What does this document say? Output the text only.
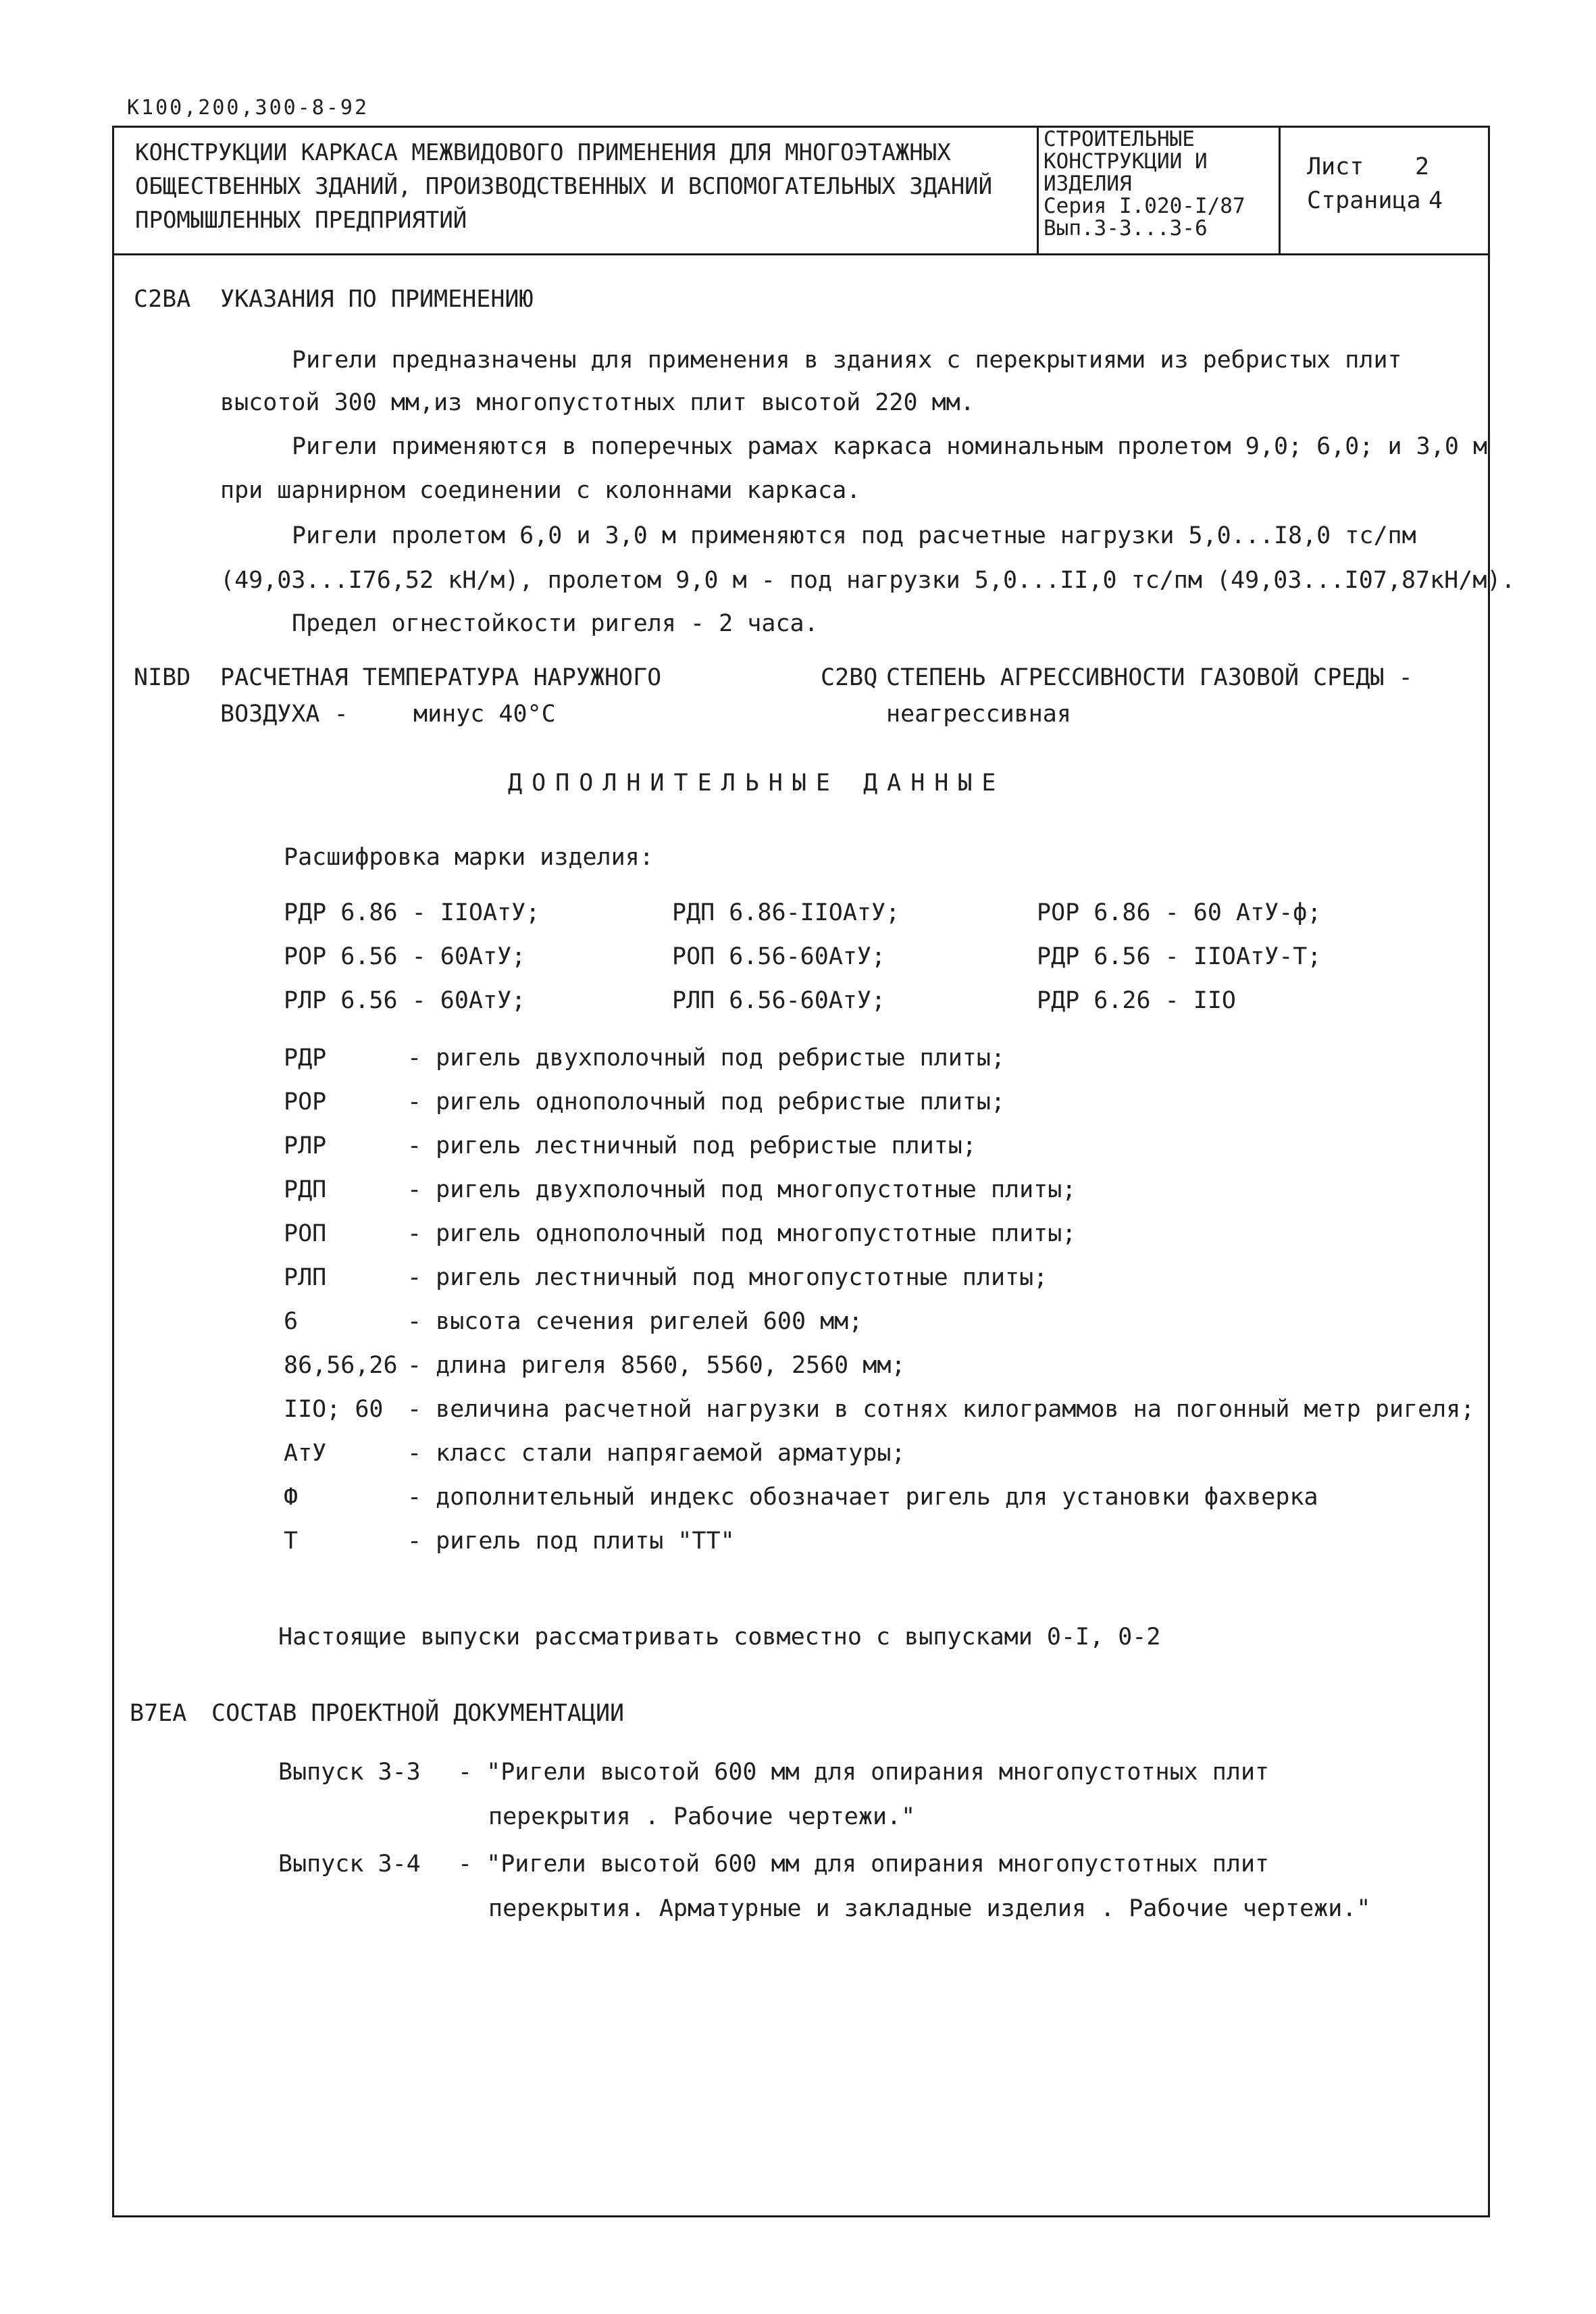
К100,200,300-8-92
КОНСТРУКЦИИ КАРКАСА МЕЖВИДОВОГО ПРИМЕНЕНИЯ ДЛЯ МНОГОЭТАЖНЫХ
ОБЩЕСТВЕННЫХ ЗДАНИЙ, ПРОИЗВОДСТВЕННЫХ И ВСПОМОГАТЕЛЬНЫХ ЗДАНИЙ
ПРОМЫШЛЕННЫХ ПРЕДПРИЯТИЙ
СТРОИТЕЛЬНЫЕ
КОНСТРУКЦИИ И
ИЗДЕЛИЯ
Серия I.020-I/87
Вып.3-3...3-6
Лист 2
Страница 4
C2BA УКАЗАНИЯ ПО ПРИМЕНЕНИЮ
Ригели предназначены для применения в зданиях с перекрытиями из ребристых плит
высотой 300 мм,из многопустотных плит высотой 220 мм.
Ригели применяются в поперечных рамах каркаса номинальным пролетом 9,0; 6,0; и 3,0 м
при шарнирном соединении с колоннами каркаса.
Ригели пролетом 6,0 и 3,0 м применяются под расчетные нагрузки 5,0...I8,0 тс/пм
(49,03...I76,52 кН/м), пролетом 9,0 м - под нагрузки 5,0...II,0 тс/пм (49,03...I07,87кН/м).
Предел огнестойкости ригеля - 2 часа.
NIBD РАСЧЕТНАЯ ТЕМПЕРАТУРА НАРУЖНОГО
ВОЗДУХА -	минус 40°C
C2BQ СТЕПЕНЬ АГРЕССИВНОСТИ ГАЗОВОЙ СРЕДЫ -
неагрессивная
ДОПОЛНИТЕЛЬНЫЕ ДАННЫЕ
Расшифровка марки изделия:
РДР 6.86 - IIОАтУ;	РДП 6.86-IIОАтУ;	РОР 6.86 - 60 АтУ-ф;
РОР 6.56 - 60АтУ;	РОП 6.56-60АтУ;	РДР 6.56 - IIОАтУ-Т;
РЛР 6.56 - 60АтУ;	РЛП 6.56-60АтУ;	РДР 6.26 - IIО
РДР	- ригель двухполочный под ребристые плиты;
РОР	- ригель однополочный под ребристые плиты;
РЛР	- ригель лестничный под ребристые плиты;
РДП	- ригель двухполочный под многопустотные плиты;
РОП	- ригель однополочный под многопустотные плиты;
РЛП	- ригель лестничный под многопустотные плиты;
6	- высота сечения ригелей 600 мм;
86,56,26 - длина ригеля 8560, 5560, 2560 мм;
IIО; 60 - величина расчетной нагрузки в сотнях килограммов на погонный метр ригеля;
АтУ	- класс стали напрягаемой арматуры;
Ф	- дополнительный индекс обозначает ригель для установки фахверка
Т	- ригель под плиты "ТТ"
Настоящие выпуски рассматривать совместно с выпусками 0-I, 0-2
B7EA СОСТАВ ПРОЕКТНОЙ ДОКУМЕНТАЦИИ
Выпуск 3-3 - "Ригели высотой 600 мм для опирания многопустотных плит
перекрытия . Рабочие чертежи."
Выпуск 3-4 - "Ригели высотой 600 мм для опирания многопустотных плит
перекрытия. Арматурные и закладные изделия . Рабочие чертежи."
